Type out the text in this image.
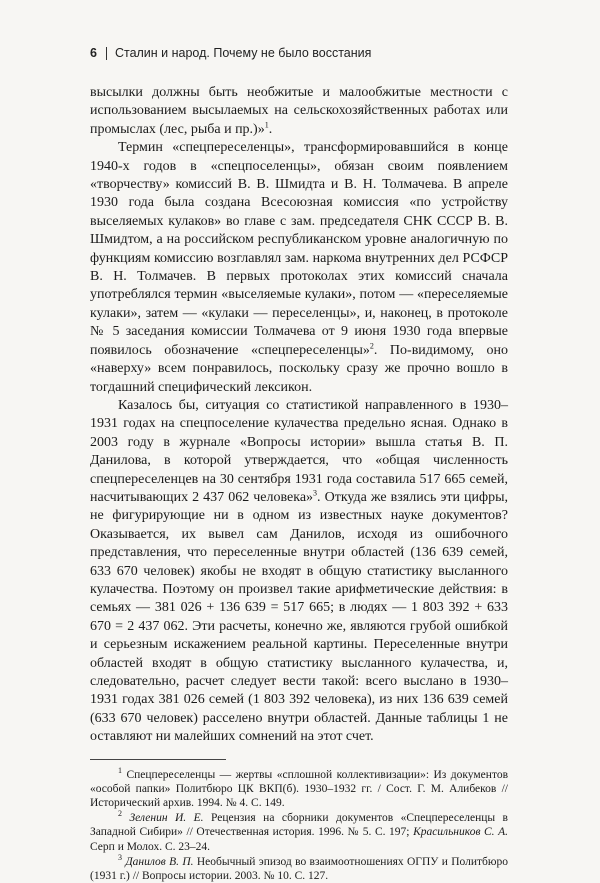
6 Сталин и народ. Почему не было восстания

высылки должны быть необжитые и малообжитые местности с использованием высылаемых на сельскохозяйственных работах или промыслах (лес, рыба и пр.)»$^1$.

Термин «спецпереселенцы», трансформировавшийся в конце 1940-х годов в «спецпоселенцы», обязан своим появлением «творчеству» комиссий В. В. Шмидта и В. Н. Толмачева. В апреле 1930 года была создана Всесоюзная комиссия «по устройству выселяемых кулаков» во главе с зам. председателя СНК СССР В. В. Шмидтом, а на российском республиканском уровне аналогичную по функциям комиссию возглавлял зам. наркома внутренних дел РСФСР В. Н. Толмачев. В первых протоколах этих комиссий сначала употреблялся термин «выселяемые кулаки», потом — «переселяемые кулаки», затем — «кулаки — переселенцы», и, наконец, в протоколе № 5 заседания комиссии Толмачева от 9 июня 1930 года впервые появилось обозначение «спецпереселенцы»$^2$. По-видимому, оно «наверху» всем понравилось, поскольку сразу же прочно вошло в тогдашний специфический лексикон.

Казалось бы, ситуация со статистикой направленного в 1930–1931 годах на спецпоселение кулачества предельно ясная. Однако в 2003 году в журнале «Вопросы истории» вышла статья В. П. Данилова, в которой утверждается, что «общая численность спецпереселенцев на 30 сентября 1931 года составила 517 665 семей, насчитывающих 2 437 062 человека»$^3$. Откуда же взялись эти цифры, не фигурирующие ни в одном из известных науке документов? Оказывается, их вывел сам Данилов, исходя из ошибочного представления, что переселенные внутри областей (136 639 семей, 633 670 человек) якобы не входят в общую статистику высланного кулачества. Поэтому он произвел такие арифметические действия: в семьях — 381 026 + 136 639 = 517 665; в людях — 1 803 392 + 633 670 = 2 437 062. Эти расчеты, конечно же, являются грубой ошибкой и серьезным искажением реальной картины. Переселенные внутри областей входят в общую статистику высланного кулачества, и, следовательно, расчет следует вести такой: всего выслано в 1930–1931 годах 381 026 семей (1 803 392 человека), из них 136 639 семей (633 670 человек) расселено внутри областей. Данные таблицы 1 не оставляют ни малейших сомнений на этот счет.

$^1$ Спецпереселенцы — жертвы «сплошной коллективизации»: Из документов «особой папки» Политбюро ЦК ВКП(б). 1930–1932 гг. / Сост. Г. М. Алибеков // Исторический архив. 1994. № 4. С. 149.

$^2$ Зеленин И. Е. Рецензия на сборники документов «Спецпереселенцы в Западной Сибири» // Отечественная история. 1996. № 5. С. 197; Красильников С. А. Серп и Молох. С. 23–24.

$^3$ Данилов В. П. Необычный эпизод во взаимоотношениях ОГПУ и Политбюро (1931 г.) // Вопросы истории. 2003. № 10. С. 127.
